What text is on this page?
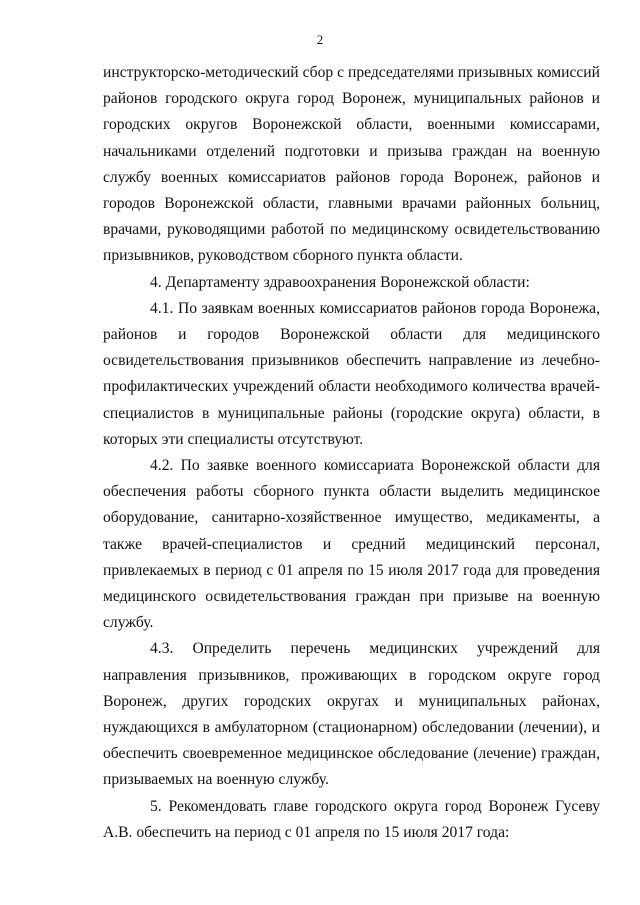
2

инструкторско-методический сбор с председателями призывных комиссий районов городского округа город Воронеж, муниципальных районов и городских округов Воронежской области, военными комиссарами, начальниками отделений подготовки и призыва граждан на военную службу военных комиссариатов районов города Воронеж, районов и городов Воронежской области, главными врачами районных больниц, врачами, руководящими работой по медицинскому освидетельствованию призывников, руководством сборного пункта области.

4. Департаменту здравоохранения Воронежской области:

4.1. По заявкам военных комиссариатов районов города Воронежа, районов и городов Воронежской области для медицинского освидетельствования призывников обеспечить направление из лечебно-профилактических учреждений области необходимого количества врачей-специалистов в муниципальные районы (городские округа) области, в которых эти специалисты отсутствуют.

4.2. По заявке военного комиссариата Воронежской области для обеспечения работы сборного пункта области выделить медицинское оборудование, санитарно-хозяйственное имущество, медикаменты, а также врачей-специалистов и средний медицинский персонал, привлекаемых в период с 01 апреля по 15 июля 2017 года для проведения медицинского освидетельствования граждан при призыве на военную службу.

4.3. Определить перечень медицинских учреждений для направления призывников, проживающих в городском округе город Воронеж, других городских округах и муниципальных районах, нуждающихся в амбулаторном (стационарном) обследовании (лечении), и обеспечить своевременное медицинское обследование (лечение) граждан, призываемых на военную службу.

5. Рекомендовать главе городского округа город Воронеж Гусеву А.В. обеспечить на период с 01 апреля по 15 июля 2017 года:
